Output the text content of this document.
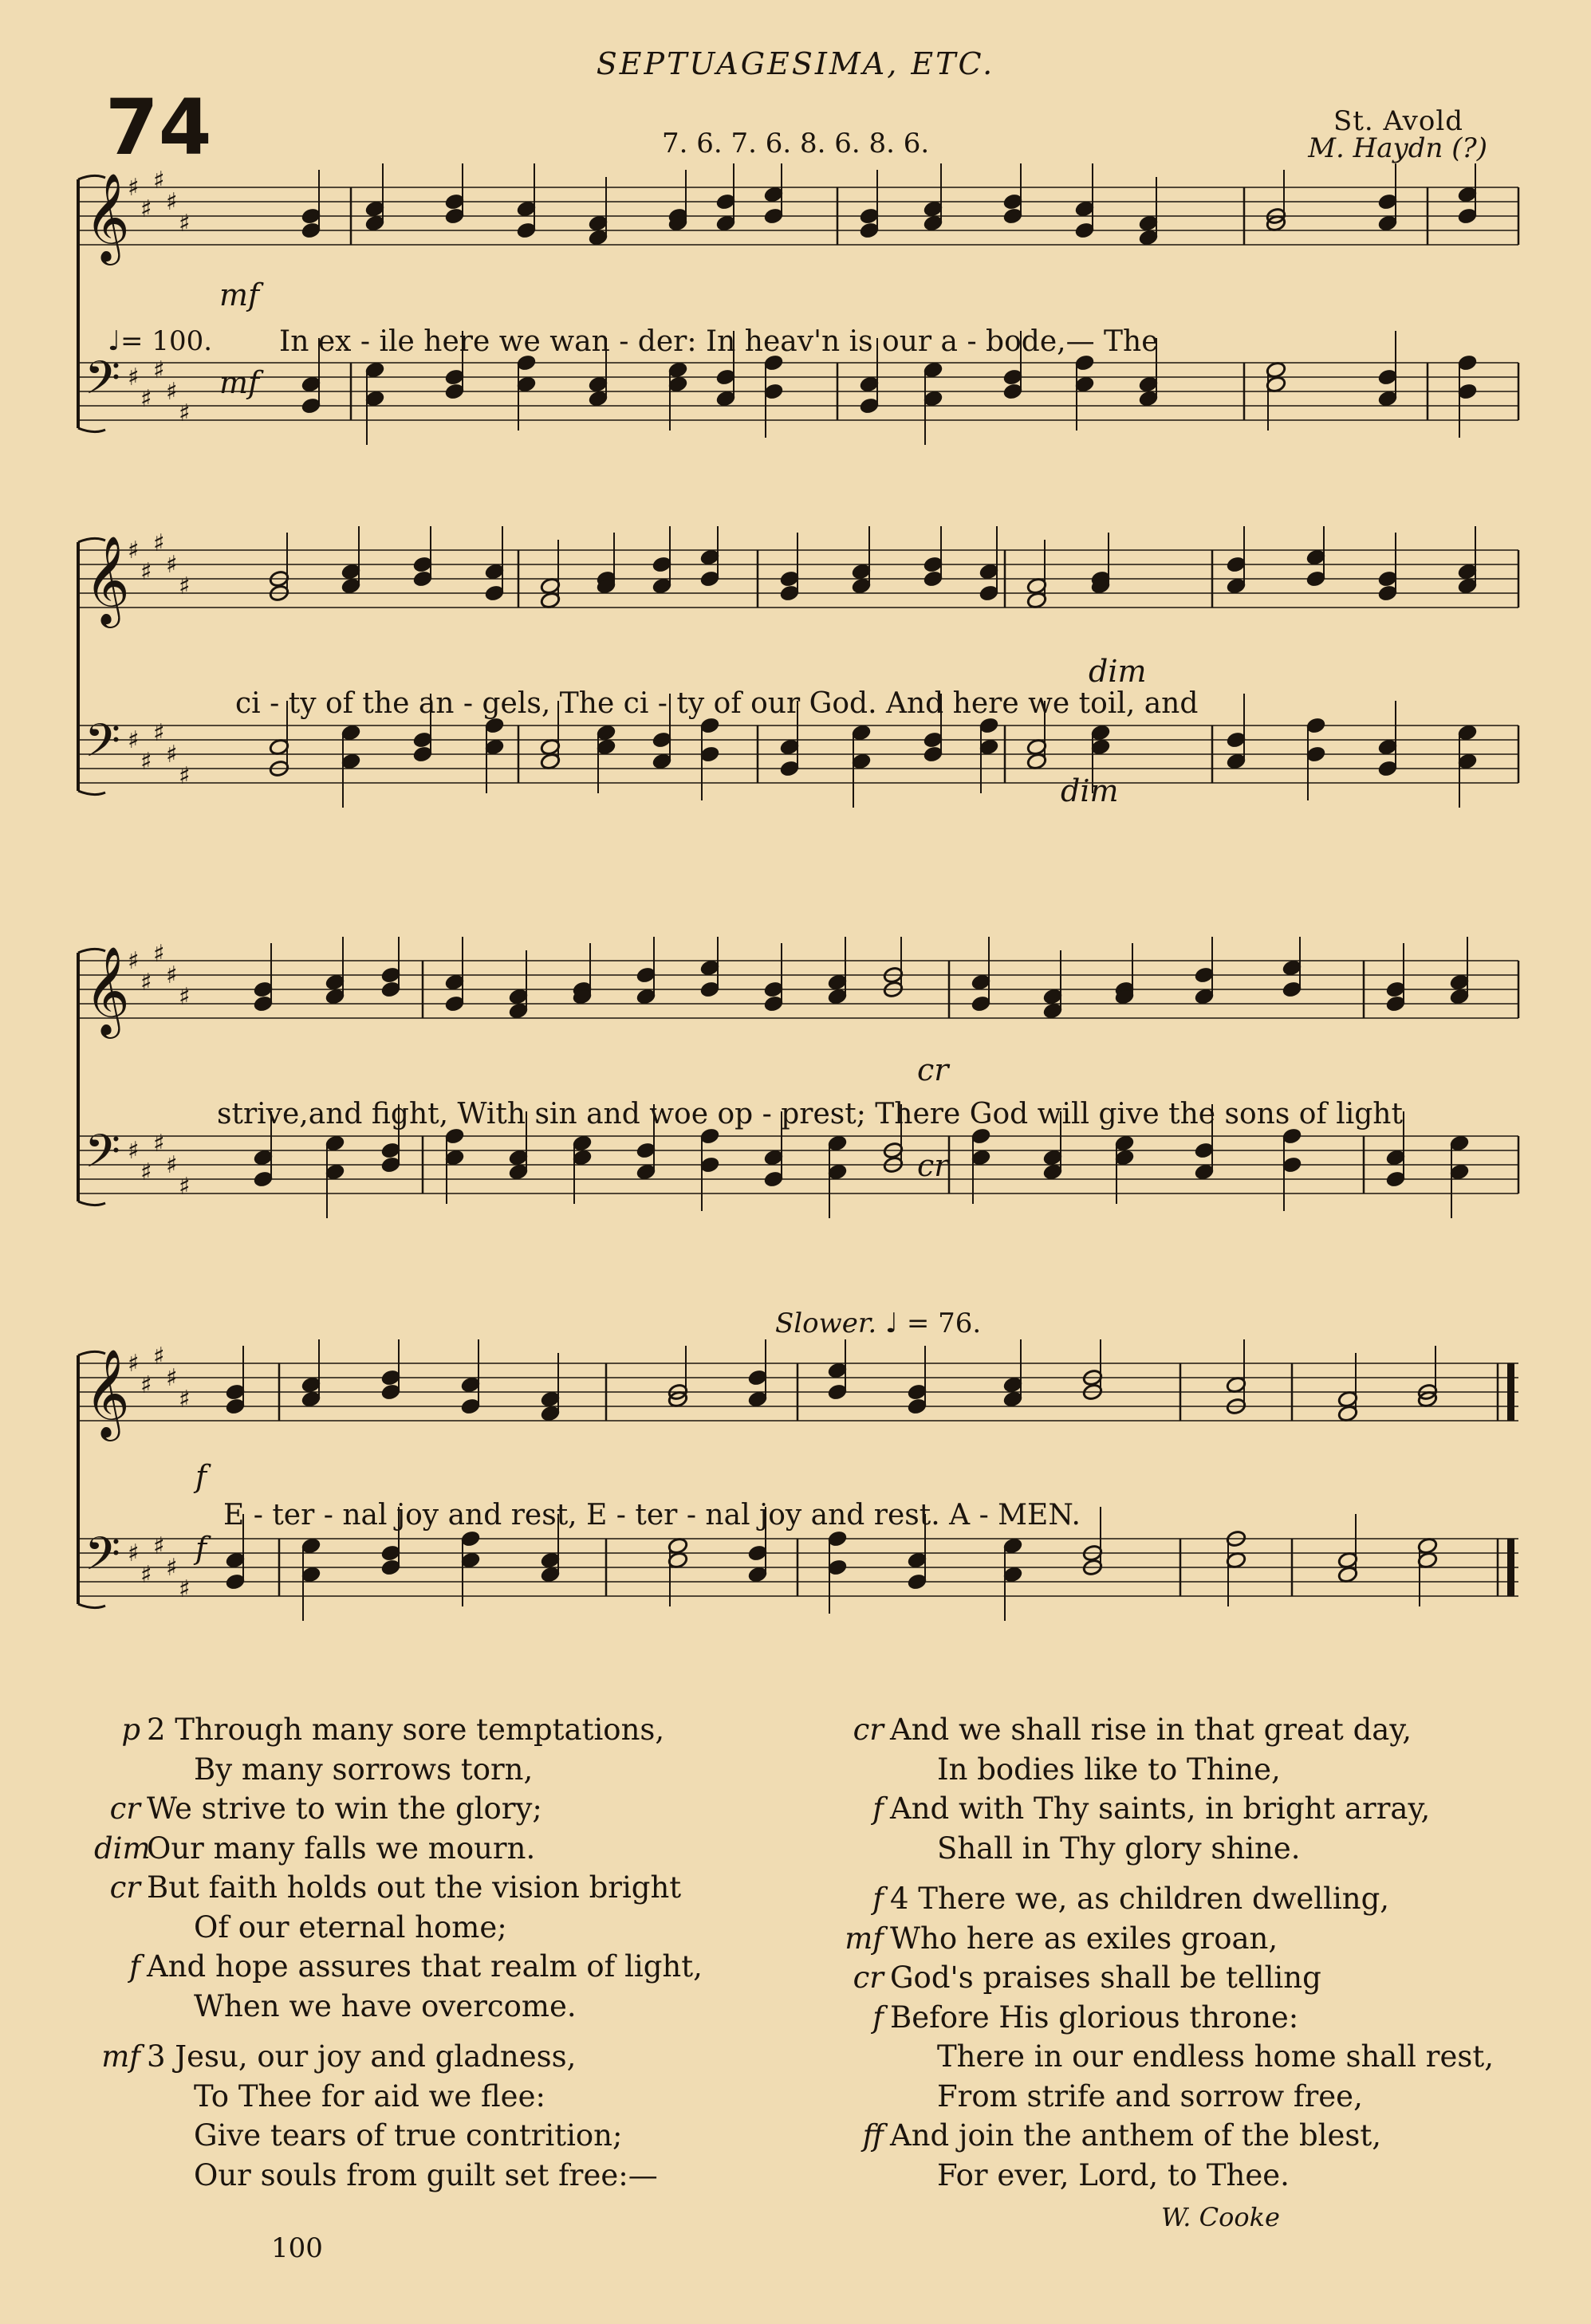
SEPTUAGESIMA, ETC.
74	7. 6. 7. 6. 8. 6. 8. 6.
St. Avold
M. Haydn (?)
𝄞
𝄢
♯
♯
♯
♯
♯
♯
♯
♯
♯
♯
𝄞
𝄢
♯
♯
♯
♯
♯
♯
♯
♯
♯
♯
𝄞
𝄢
♯
♯
♯
♯
♯
♯
♯
♯
♯
♯
𝄞
𝄢
♯
♯
♯
♯
♯
♯
♯
♯
♯
♯
♩= 100.
Slower. ♩ = 76.
mf
mf
dim
dim
cr
cr
f
f
In ex - ile here we wan - der: In heav'n is our a - bode,— The
ci - ty of the an - gels, The ci - ty of our God. And here we toil, and
strive,and fight, With sin and woe op - prest; There God will give the sons of light
E - ter - nal joy and rest, E - ter - nal joy and rest. A - MEN.
p 2 Through many sore temptations,
By many sorrows torn,
cr We strive to win the glory;
dimOur many falls we mourn.
cr But faith holds out the vision bright
Of our eternal home;
f And hope assures that realm of light,
When we have overcome.
mf 3 Jesu, our joy and gladness,
To Thee for aid we flee:
Give tears of true contrition;
Our souls from guilt set free:—
cr And we shall rise in that great day,
In bodies like to Thine,
f And with Thy saints, in bright array,
Shall in Thy glory shine.
f 4 There we, as children dwelling,
mf Who here as exiles groan,
cr God's praises shall be telling
f Before His glorious throne:
There in our endless home shall rest,
From strife and sorrow free,
ff And join the anthem of the blest,
For ever, Lord, to Thee.
W. Cooke
100
